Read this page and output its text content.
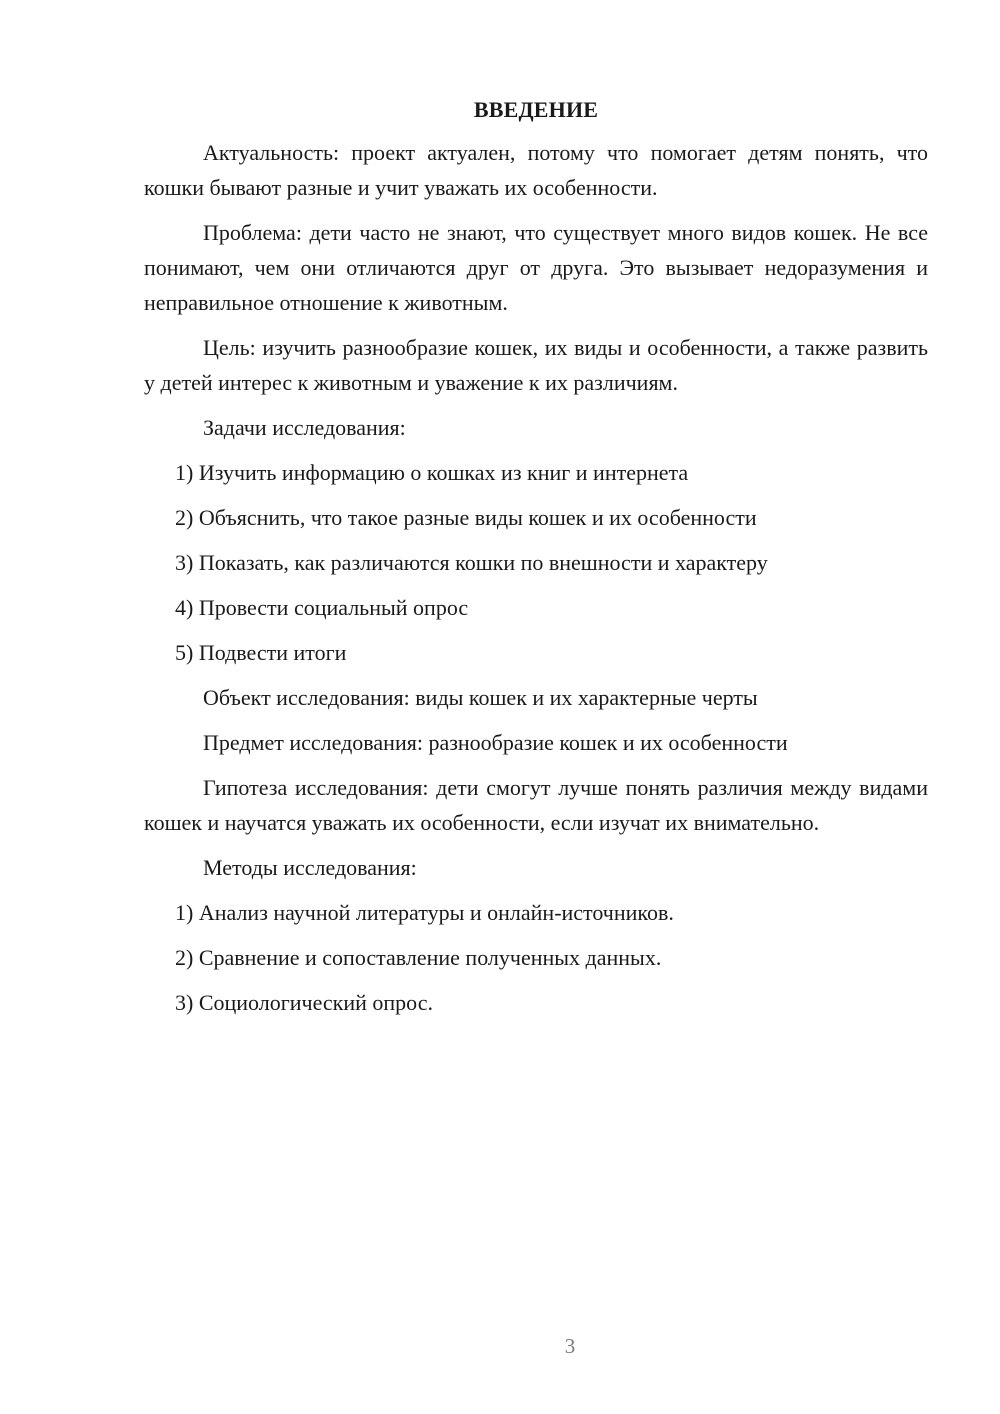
ВВЕДЕНИЕ

Актуальность: проект актуален, потому что помогает детям понять, что кошки бывают разные и учит уважать их особенности.

Проблема: дети часто не знают, что существует много видов кошек. Не все понимают, чем они отличаются друг от друга. Это вызывает недоразумения и неправильное отношение к животным.

Цель: изучить разнообразие кошек, их виды и особенности, а также развить у детей интерес к животным и уважение к их различиям.

Задачи исследования:

1) Изучить информацию о кошках из книг и интернета

2) Объяснить, что такое разные виды кошек и их особенности

3) Показать, как различаются кошки по внешности и характеру

4) Провести социальный опрос

5) Подвести итоги

Объект исследования: виды кошек и их характерные черты

Предмет исследования: разнообразие кошек и их особенности

Гипотеза исследования: дети смогут лучше понять различия между видами кошек и научатся уважать их особенности, если изучат их внимательно.

Методы исследования:

1) Анализ научной литературы и онлайн-источников.

2) Сравнение и сопоставление полученных данных.

3) Социологический опрос.

3
